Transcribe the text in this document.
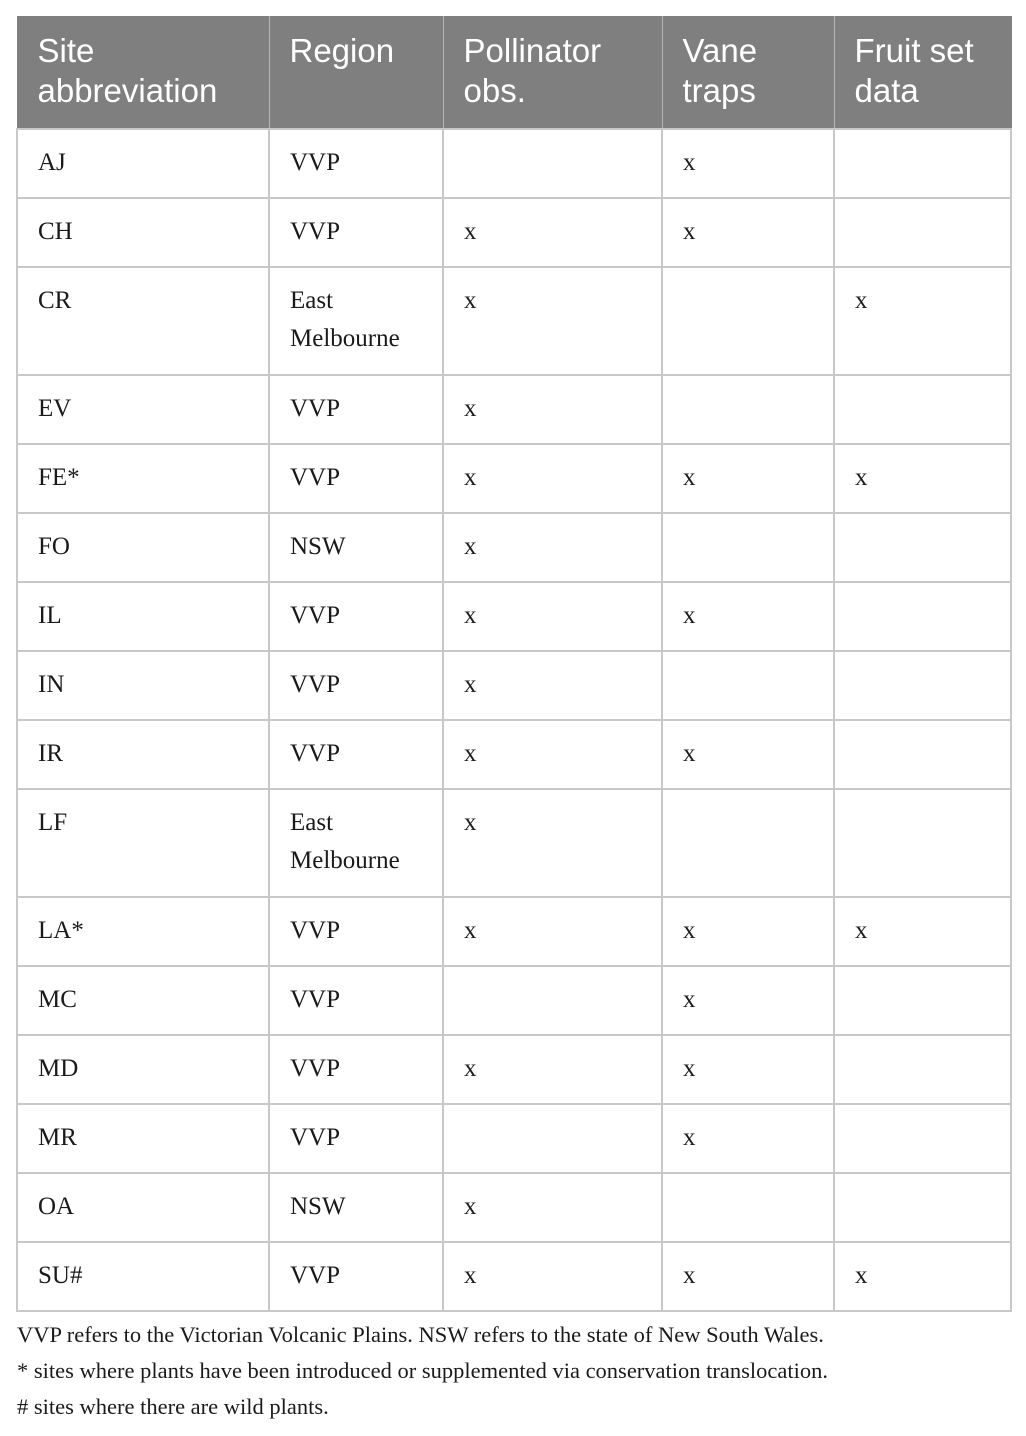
Site abbreviation	Region	Pollinator obs.	Vane traps	Fruit set data
AJ	VVP		x	
CH	VVP	x	x	
CR	East Melbourne	x		x
EV	VVP	x		
FE*	VVP	x	x	x
FO	NSW	x		
IL	VVP	x	x	
IN	VVP	x		
IR	VVP	x	x	
LF	East Melbourne	x		
LA*	VVP	x	x	x
MC	VVP		x	
MD	VVP	x	x	
MR	VVP		x	
OA	NSW	x		
SU#	VVP	x	x	x

VVP refers to the Victorian Volcanic Plains. NSW refers to the state of New South Wales.

* sites where plants have been introduced or supplemented via conservation translocation.

# sites where there are wild plants.
